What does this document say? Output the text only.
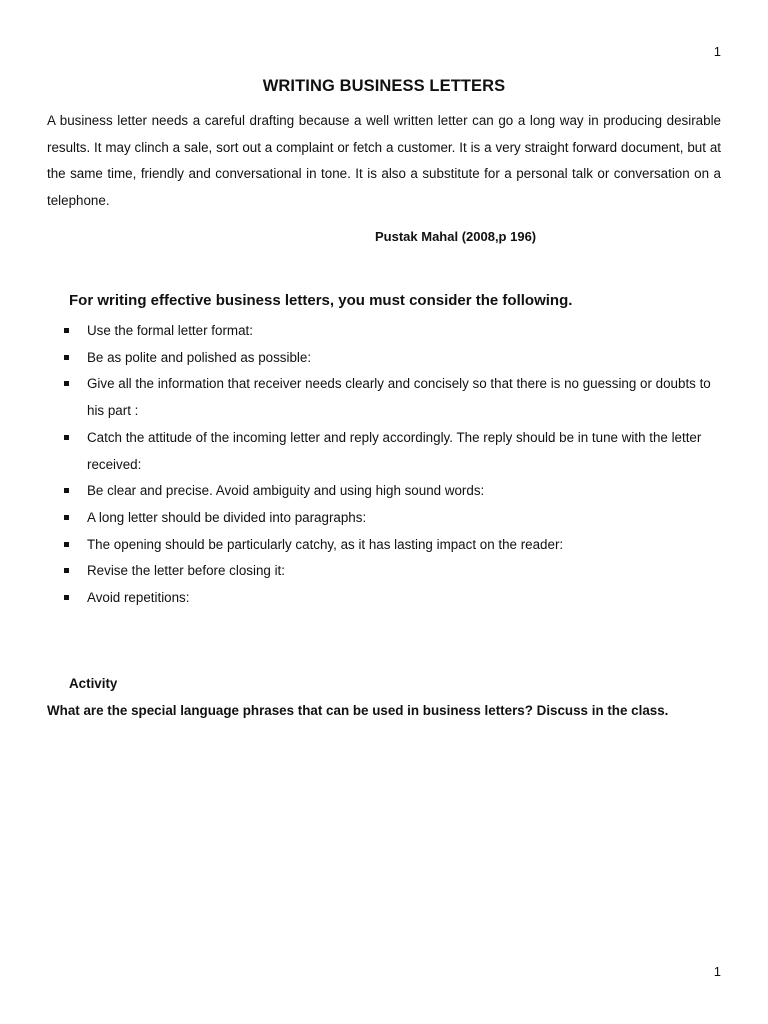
1
WRITING BUSINESS LETTERS

A business letter needs a careful drafting because a well written letter can go a long way in producing desirable results. It may clinch a sale, sort out a complaint or fetch a customer. It is a very straight forward document, but at the same time, friendly and conversational in tone. It is also a substitute for a personal talk or conversation on a telephone.

Pustak Mahal (2008,p 196)
For writing effective business letters, you must consider the following.
Use the formal letter format:
Be as polite and polished as possible:
Give all the information that receiver needs clearly and concisely so that there is no guessing or doubts to his part :
Catch the attitude of the incoming letter and reply accordingly. The reply should be in tune with the letter received:
Be clear and precise. Avoid ambiguity and using high sound words:
A long letter should be divided into paragraphs:
The opening should be particularly catchy, as it has lasting impact on the reader:
Revise the letter before closing it:
Avoid repetitions:
Activity
What are the special language phrases that can be used in business letters? Discuss in the class.
1
